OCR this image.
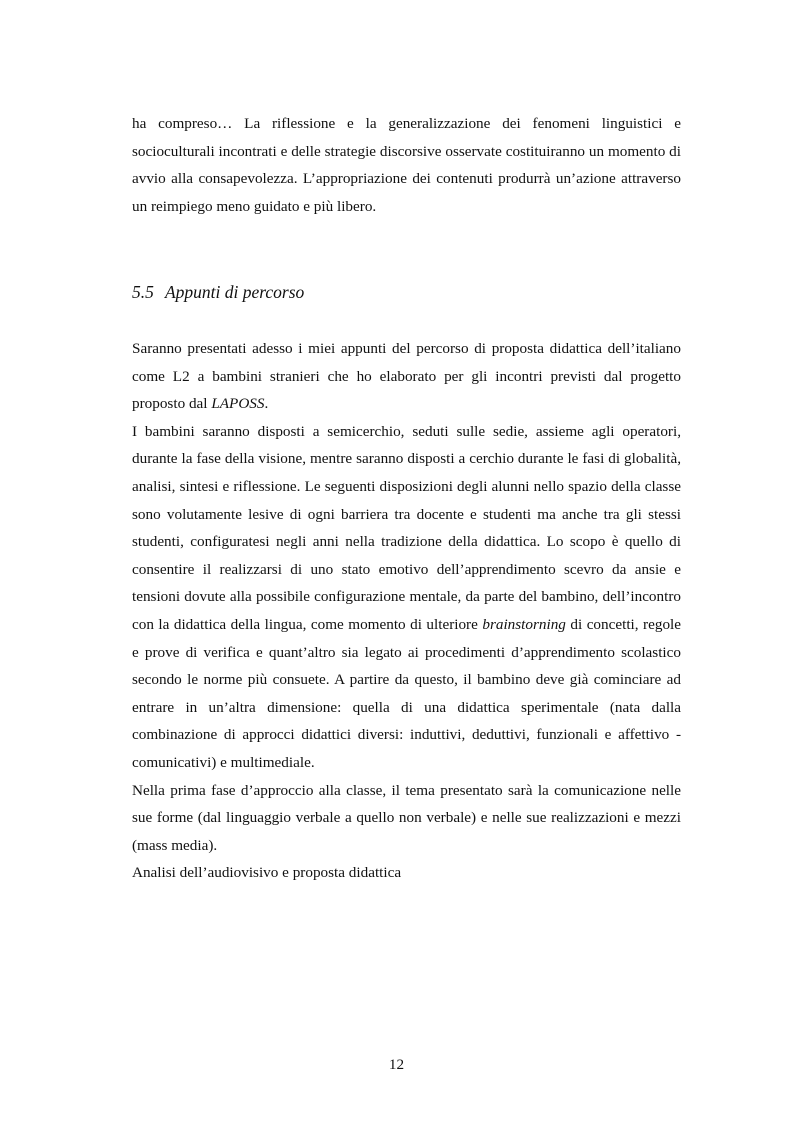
ha compreso… La riflessione e la generalizzazione dei fenomeni linguistici e socioculturali incontrati e delle strategie discorsive osservate costituiranno un momento di avvio alla consapevolezza. L’appropriazione dei contenuti produrrà un’azione attraverso un reimpiego meno guidato e più libero.

5.5 Appunti di percorso

Saranno presentati adesso i miei appunti del percorso di proposta didattica dell’italiano come L2 a bambini stranieri che ho elaborato per gli incontri previsti dal progetto proposto dal LAPOSS.

I bambini saranno disposti a semicerchio, seduti sulle sedie, assieme agli operatori, durante la fase della visione, mentre saranno disposti a cerchio durante le fasi di globalità, analisi, sintesi e riflessione. Le seguenti disposizioni degli alunni nello spazio della classe sono volutamente lesive di ogni barriera tra docente e studenti ma anche tra gli stessi studenti, configuratesi negli anni nella tradizione della didattica. Lo scopo è quello di consentire il realizzarsi di uno stato emotivo dell’apprendimento scevro da ansie e tensioni dovute alla possibile configurazione mentale, da parte del bambino, dell’incontro con la didattica della lingua, come momento di ulteriore brainstorning di concetti, regole e prove di verifica e quant’altro sia legato ai procedimenti d’apprendimento scolastico secondo le norme più consuete. A partire da questo, il bambino deve già cominciare ad entrare in un’altra dimensione: quella di una didattica sperimentale (nata dalla combinazione di approcci didattici diversi: induttivi, deduttivi, funzionali e affettivo - comunicativi) e multimediale.

Nella prima fase d’approccio alla classe, il tema presentato sarà la comunicazione nelle sue forme (dal linguaggio verbale a quello non verbale) e nelle sue realizzazioni e mezzi (mass media).

Analisi dell’audiovisivo e proposta didattica

12
